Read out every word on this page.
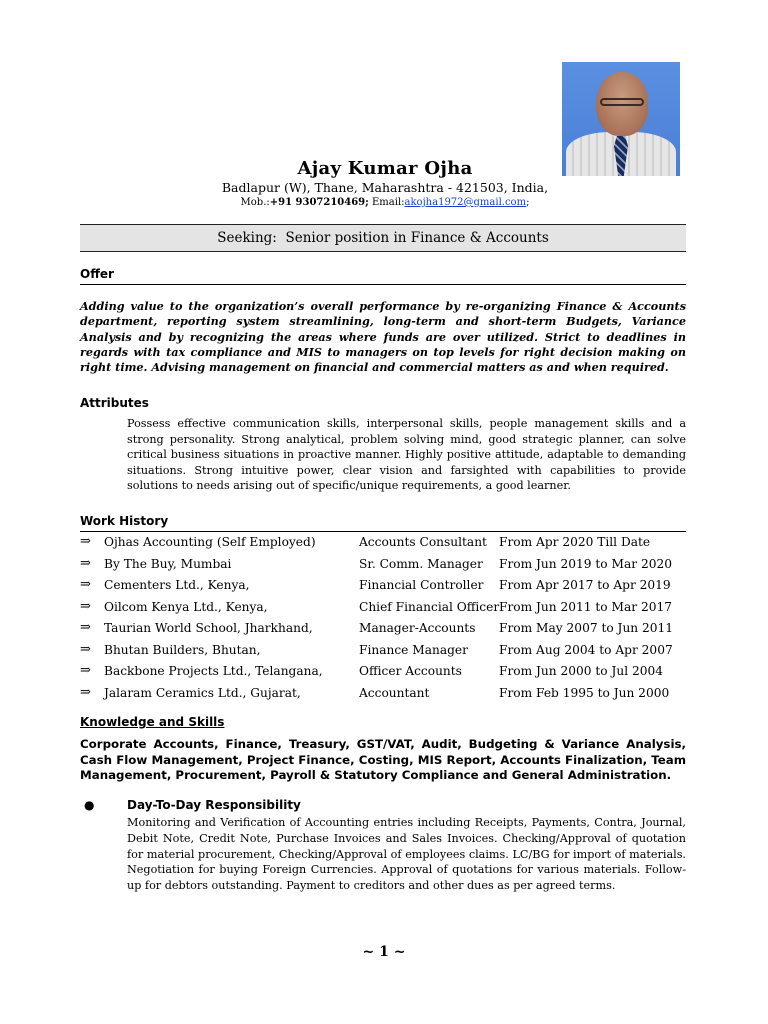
Ajay Kumar Ojha
Badlapur (W), Thane, Maharashtra - 421503, India,
Mob.:+91 9307210469; Email:akojha1972@gmail.com;
Seeking: Senior position in Finance & Accounts
Offer
Adding value to the organization’s overall performance by re-organizing Finance & Accounts department, reporting system streamlining, long-term and short-term Budgets, Variance Analysis and by recognizing the areas where funds are over utilized. Strict to deadlines in regards with tax compliance and MIS to managers on top levels for right decision making on right time. Advising management on financial and commercial matters as and when required.
Attributes
Possess effective communication skills, interpersonal skills, people management skills and a strong personality. Strong analytical, problem solving mind, good strategic planner, can solve critical business situations in proactive manner. Highly positive attitude, adaptable to demanding situations. Strong intuitive power, clear vision and farsighted with capabilities to provide solutions to needs arising out of specific/unique requirements, a good learner.
Work History
⇒ Ojhas Accounting (Self Employed)	Accounts Consultant From Apr 2020 Till Date
⇒ By The Buy, Mumbai	Sr. Comm. Manager From Jun 2019 to Mar 2020
⇒ Cementers Ltd., Kenya,	Financial Controller From Apr 2017 to Apr 2019
⇒ Oilcom Kenya Ltd., Kenya,	Chief Financial Officer From Jun 2011 to Mar 2017
⇒ Taurian World School, Jharkhand,	Manager-Accounts From May 2007 to Jun 2011
⇒ Bhutan Builders, Bhutan,	Finance Manager	From Aug 2004 to Apr 2007
⇒ Backbone Projects Ltd., Telangana,	Officer Accounts	From Jun 2000 to Jul 2004
⇒ Jalaram Ceramics Ltd., Gujarat,	Accountant	From Feb 1995 to Jun 2000
Knowledge and Skills
Corporate Accounts, Finance, Treasury, GST/VAT, Audit, Budgeting & Variance Analysis, Cash Flow Management, Project Finance, Costing, MIS Report, Accounts Finalization, Team Management, Procurement, Payroll & Statutory Compliance and General Administration.
●	Day-To-Day Responsibility
Monitoring and Verification of Accounting entries including Receipts, Payments, Contra, Journal, Debit Note, Credit Note, Purchase Invoices and Sales Invoices. Checking/Approval of quotation for material procurement, Checking/Approval of employees claims. LC/BG for import of materials. Negotiation for buying Foreign Currencies. Approval of quotations for various materials. Follow-up for debtors outstanding. Payment to creditors and other dues as per agreed terms.
~ 1 ~
